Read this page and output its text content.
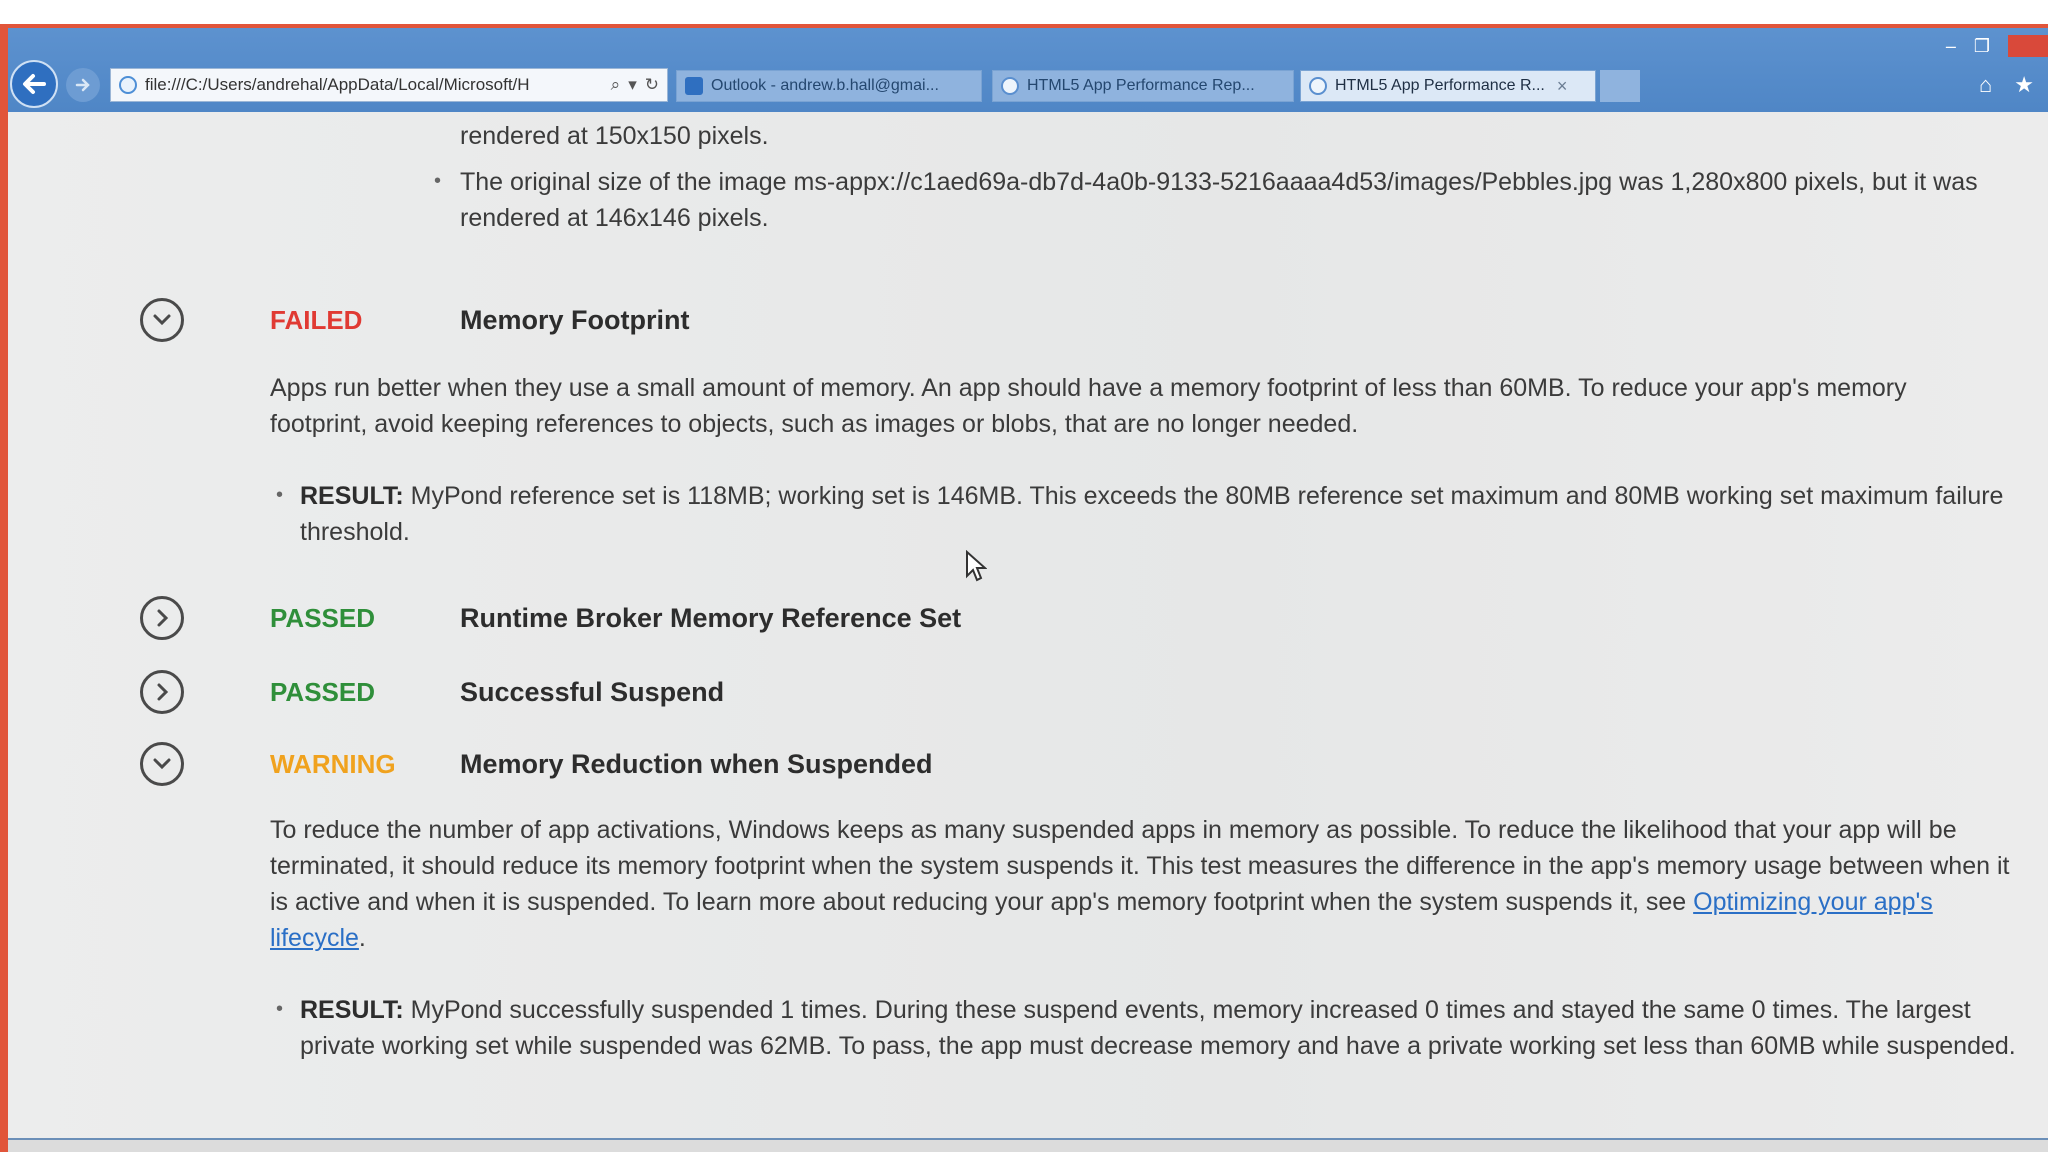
– ❐
file:///C:/Users/andrehal/AppData/Local/Microsoft/H	⌕ ▾ ↻	Outlook - andrew.b.hall@gmai...	HTML5 App Performance Rep...	HTML5 App Performance R... ×	⌂ ★

rendered at 150x150 pixels.

• The original size of the image ms-appx://c1aed69a-db7d-4a0b-9133-5216aaaa4d53/images/Pebbles.jpg was 1,280x800 pixels, but it was rendered at 146x146 pixels.

FAILED	Memory Footprint

Apps run better when they use a small amount of memory. An app should have a memory footprint of less than 60MB. To reduce your app's memory footprint, avoid keeping references to objects, such as images or blobs, that are no longer needed.

• RESULT: MyPond reference set is 118MB; working set is 146MB. This exceeds the 80MB reference set maximum and 80MB working set maximum failure threshold.

PASSED	Runtime Broker Memory Reference Set
PASSED	Successful Suspend
WARNING Memory Reduction when Suspended

To reduce the number of app activations, Windows keeps as many suspended apps in memory as possible. To reduce the likelihood that your app will be terminated, it should reduce its memory footprint when the system suspends it. This test measures the difference in the app's memory usage between when it is active and when it is suspended. To learn more about reducing your app's memory footprint when the system suspends it, see Optimizing your app's lifecycle.

• RESULT: MyPond successfully suspended 1 times. During these suspend events, memory increased 0 times and stayed the same 0 times. The largest private working set while suspended was 62MB. To pass, the app must decrease memory and have a private working set less than 60MB while suspended.
